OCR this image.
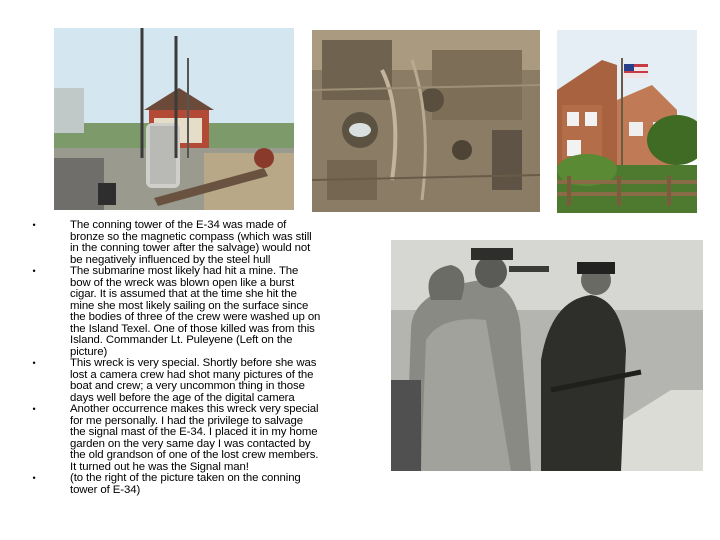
•	The conning tower of the E-34 was made of
bronze so the magnetic compass (which was still
in the conning tower after the salvage) would not
be negatively influenced by the steel hull
•	The submarine most likely had hit a mine. The
bow of the wreck was blown open like a burst
cigar. It is assumed that at the time she hit the
mine she most likely sailing on the surface since
the bodies of three of the crew were washed up on
the Island Texel. One of those killed was from this
Island. Commander Lt. Puleyene (Left on the
picture)
•	This wreck is very special. Shortly before she was
lost a camera crew had shot many pictures of the
boat and crew; a very uncommon thing in those
days well before the age of the digital camera
•	Another occurrence makes this wreck very special
for me personally. I had the privilege to salvage
the signal mast of the E-34. I placed it in my home
garden on the very same day I was contacted by
the old grandson of one of the lost crew members.
It turned out he was the Signal man!
•	(to the right of the picture taken on the conning
tower of E-34)
